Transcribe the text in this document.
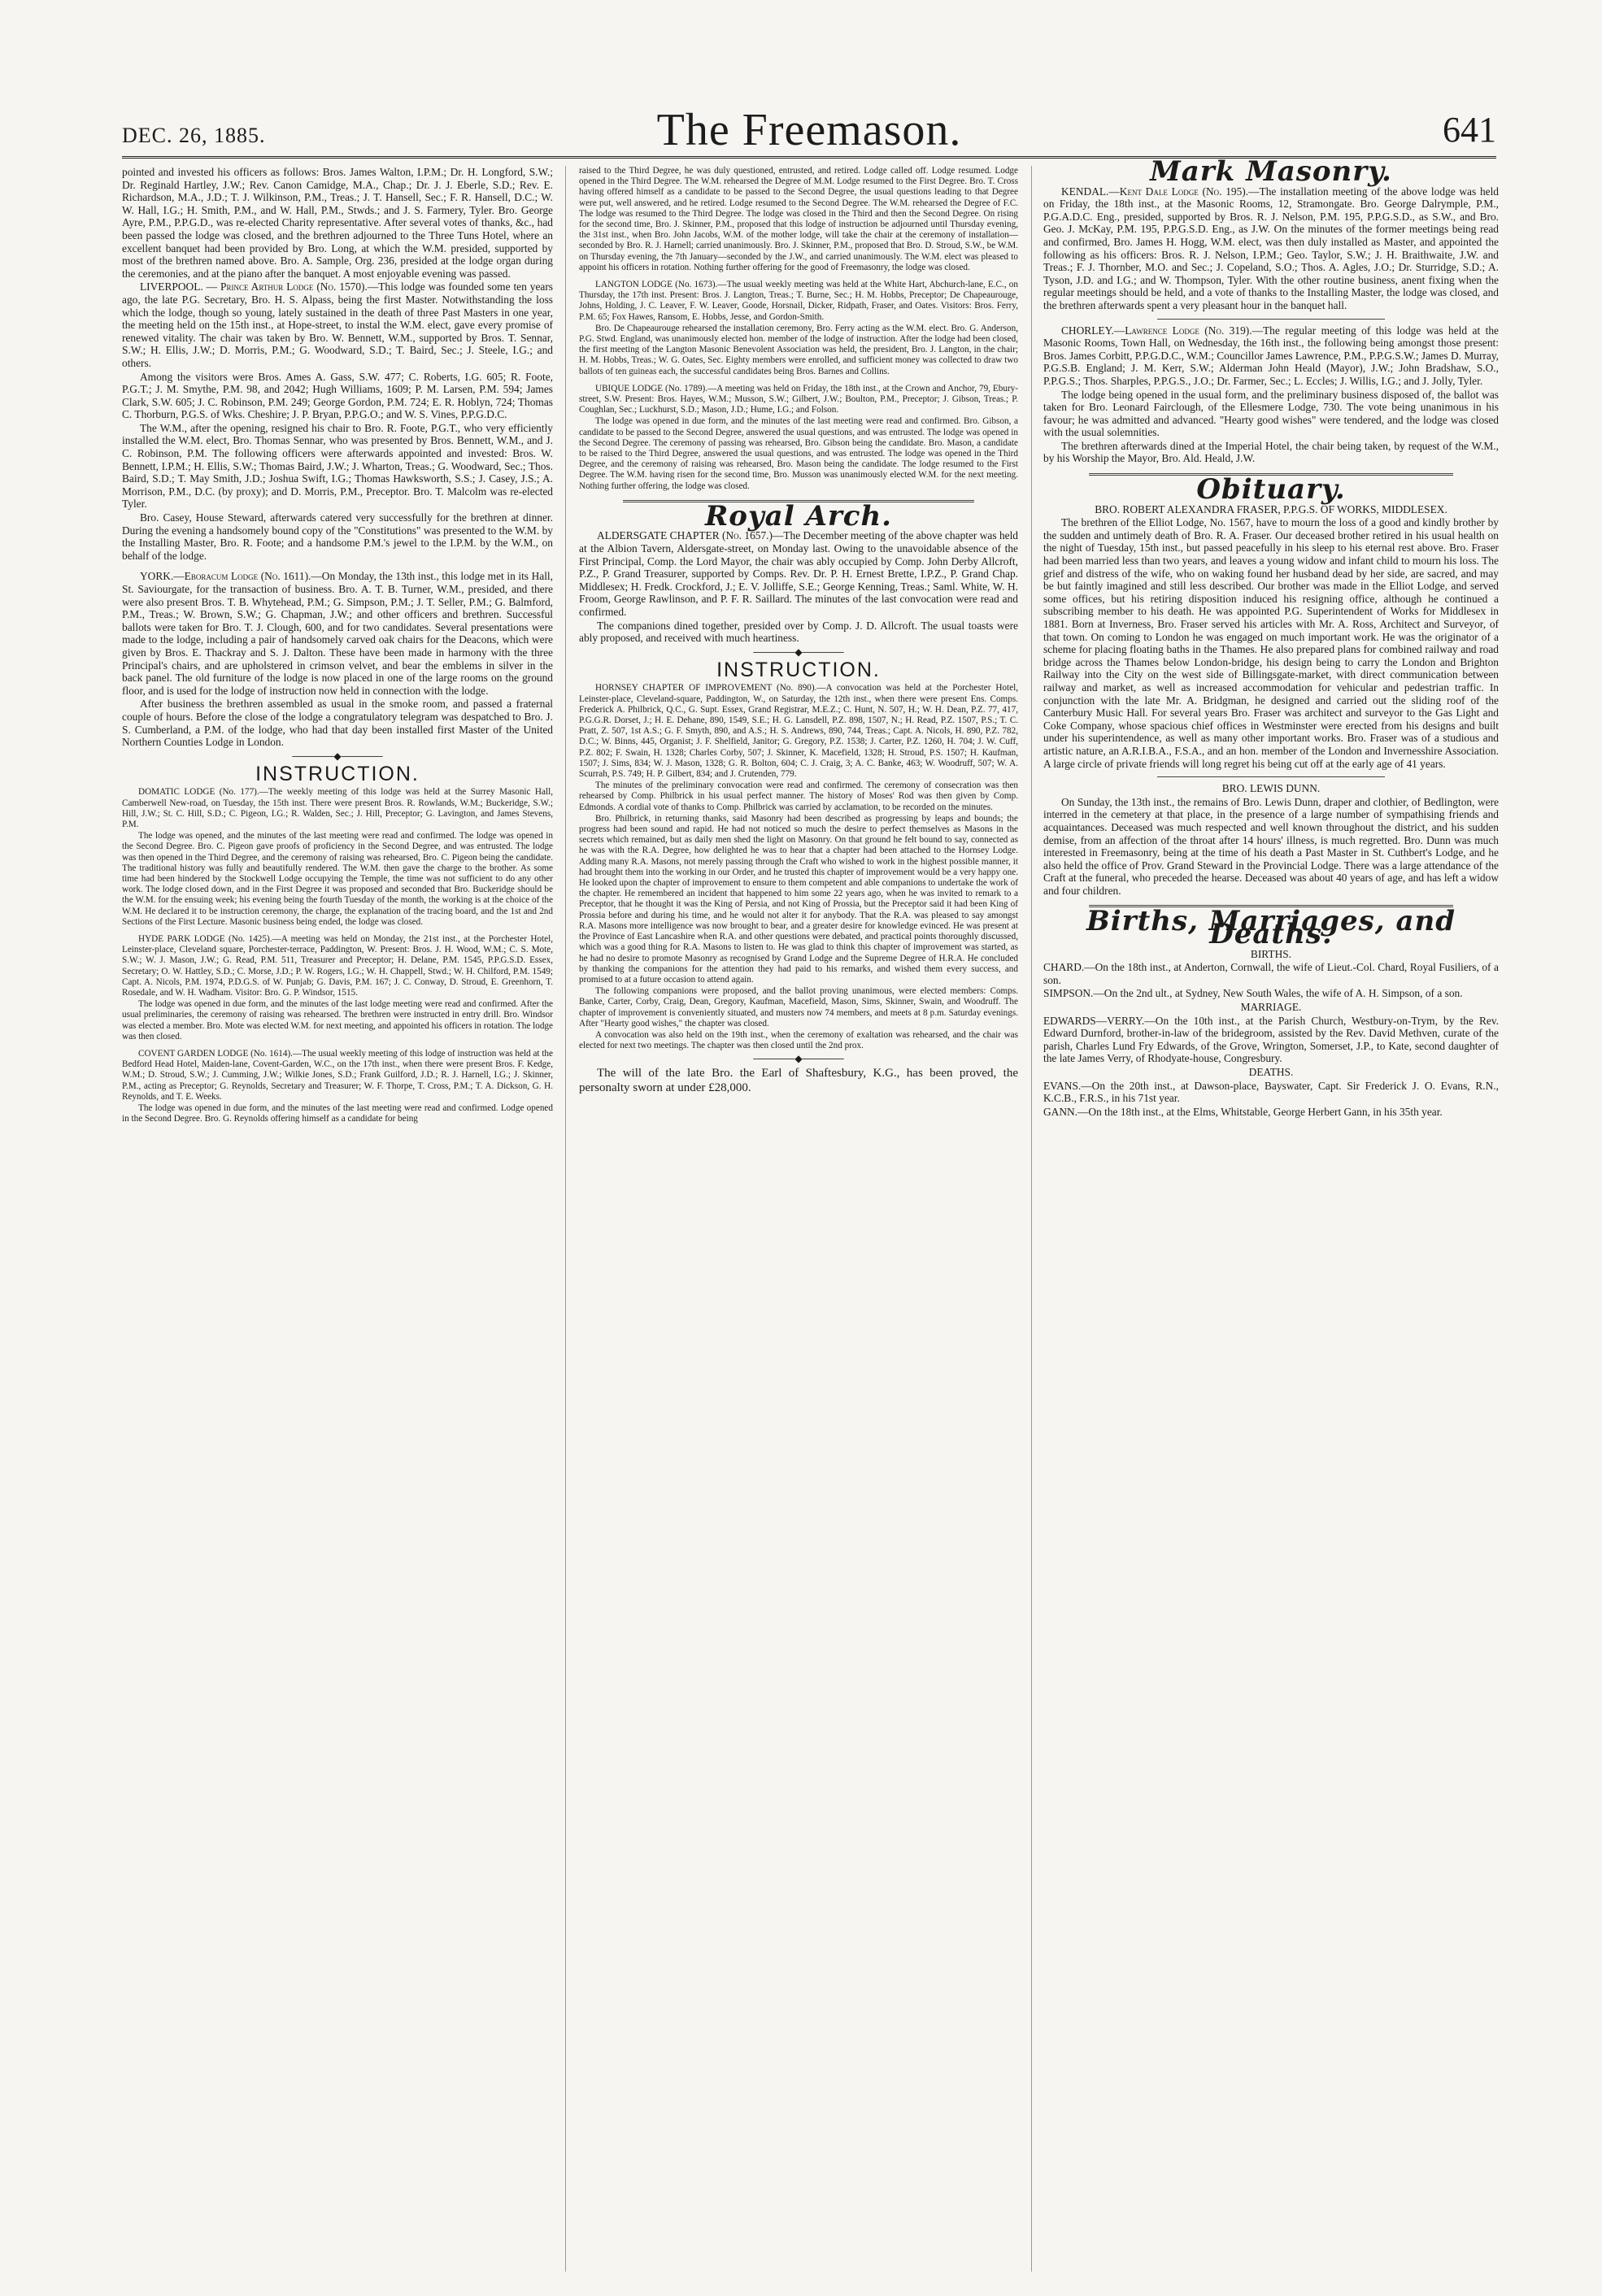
DEC. 26, 1885.	The Freemason.	641

pointed and invested his officers as follows: Bros. James Walton, I.P.M.; Dr. H. Longford, S.W.; Dr. Reginald Hartley, J.W.; Rev. Canon Camidge, M.A., Chap.; Dr. J. J. Eberle, S.D.; Rev. E. Richardson, M.A., J.D.; T. J. Wilkinson, P.M., Treas.; J. T. Hansell, Sec.; F. R. Hansell, D.C.; W. W. Hall, I.G.; H. Smith, P.M., and W. Hall, P.M., Stwds.; and J. S. Farmery, Tyler. Bro. George Ayre, P.M., P.P.G.D., was re-elected Charity representative. After several votes of thanks, &c., had been passed the lodge was closed, and the brethren adjourned to the Three Tuns Hotel, where an excellent banquet had been provided by Bro. Long, at which the W.M. presided, supported by most of the brethren named above. Bro. A. Sample, Org. 236, presided at the lodge organ during the ceremonies, and at the piano after the banquet. A most enjoyable evening was passed.

LIVERPOOL. — Prince Arthur Lodge (No. 1570).—This lodge was founded some ten years ago, the late P.G. Secretary, Bro. H. S. Alpass, being the first Master. Notwithstanding the loss which the lodge, though so young, lately sustained in the death of three Past Masters in one year, the meeting held on the 15th inst., at Hope-street, to instal the W.M. elect, gave every promise of renewed vitality. The chair was taken by Bro. W. Bennett, W.M., supported by Bros. T. Sennar, S.W.; H. Ellis, J.W.; D. Morris, P.M.; G. Woodward, S.D.; T. Baird, Sec.; J. Steele, I.G.; and others.

Among the visitors were Bros. Ames A. Gass, S.W. 477; C. Roberts, I.G. 605; R. Foote, P.G.T.; J. M. Smythe, P.M. 98, and 2042; Hugh Williams, 1609; P. M. Larsen, P.M. 594; James Clark, S.W. 605; J. C. Robinson, P.M. 249; George Gordon, P.M. 724; E. R. Hoblyn, 724; Thomas C. Thorburn, P.G.S. of Wks. Cheshire; J. P. Bryan, P.P.G.O.; and W. S. Vines, P.P.G.D.C.

The W.M., after the opening, resigned his chair to Bro. R. Foote, P.G.T., who very efficiently installed the W.M. elect, Bro. Thomas Sennar, who was presented by Bros. Bennett, W.M., and J. C. Robinson, P.M. The following officers were afterwards appointed and invested: Bros. W. Bennett, I.P.M.; H. Ellis, S.W.; Thomas Baird, J.W.; J. Wharton, Treas.; G. Woodward, Sec.; Thos. Baird, S.D.; T. May Smith, J.D.; Joshua Swift, I.G.; Thomas Hawksworth, S.S.; J. Casey, J.S.; A. Morrison, P.M., D.C. (by proxy); and D. Morris, P.M., Preceptor. Bro. T. Malcolm was re-elected Tyler.

Bro. Casey, House Steward, afterwards catered very successfully for the brethren at dinner. During the evening a handsomely bound copy of the "Constitutions" was presented to the W.M. by the Installing Master, Bro. R. Foote; and a handsome P.M.'s jewel to the I.P.M. by the W.M., on behalf of the lodge.

YORK.—Eboracum Lodge (No. 1611).—On Monday, the 13th inst., this lodge met in its Hall, St. Saviourgate, for the transaction of business. Bro. A. T. B. Turner, W.M., presided, and there were also present Bros. T. B. Whytehead, P.M.; G. Simpson, P.M.; J. T. Seller, P.M.; G. Balmford, P.M., Treas.; W. Brown, S.W.; G. Chapman, J.W.; and other officers and brethren. Successful ballots were taken for Bro. T. J. Clough, 600, and for two candidates. Several presentations were made to the lodge, including a pair of handsomely carved oak chairs for the Deacons, which were given by Bros. E. Thackray and S. J. Dalton. These have been made in harmony with the three Principal's chairs, and are upholstered in crimson velvet, and bear the emblems in silver in the back panel. The old furniture of the lodge is now placed in one of the large rooms on the ground floor, and is used for the lodge of instruction now held in connection with the lodge.

After business the brethren assembled as usual in the smoke room, and passed a fraternal couple of hours. Before the close of the lodge a congratulatory telegram was despatched to Bro. J. S. Cumberland, a P.M. of the lodge, who had that day been installed first Master of the United Northern Counties Lodge in London.

──────◆──────
INSTRUCTION.

DOMATIC LODGE (No. 177).—The weekly meeting of this lodge was held at the Surrey Masonic Hall, Camberwell New-road, on Tuesday, the 15th inst. There were present Bros. R. Rowlands, W.M.; Buckeridge, S.W.; Hill, J.W.; St. C. Hill, S.D.; C. Pigeon, I.G.; R. Walden, Sec.; J. Hill, Preceptor; G. Lavington, and James Stevens, P.M.

The lodge was opened, and the minutes of the last meeting were read and confirmed. The lodge was opened in the Second Degree. Bro. C. Pigeon gave proofs of proficiency in the Second Degree, and was entrusted. The lodge was then opened in the Third Degree, and the ceremony of raising was rehearsed, Bro. C. Pigeon being the candidate. The traditional history was fully and beautifully rendered. The W.M. then gave the charge to the brother. As some time had been hindered by the Stockwell Lodge occupying the Temple, the time was not sufficient to do any other work. The lodge closed down, and in the First Degree it was proposed and seconded that Bro. Buckeridge should be the W.M. for the ensuing week; his evening being the fourth Tuesday of the month, the working is at the choice of the W.M. He declared it to be instruction ceremony, the charge, the explanation of the tracing board, and the 1st and 2nd Sections of the First Lecture. Masonic business being ended, the lodge was closed.

HYDE PARK LODGE (No. 1425).—A meeting was held on Monday, the 21st inst., at the Porchester Hotel, Leinster-place, Cleveland square, Porchester-terrace, Paddington, W. Present: Bros. J. H. Wood, W.M.; C. S. Mote, S.W.; W. J. Mason, J.W.; G. Read, P.M. 511, Treasurer and Preceptor; H. Delane, P.M. 1545, P.P.G.S.D. Essex, Secretary; O. W. Hattley, S.D.; C. Morse, J.D.; P. W. Rogers, I.G.; W. H. Chappell, Stwd.; W. H. Chilford, P.M. 1549; Capt. A. Nicols, P.M. 1974, P.D.G.S. of W. Punjab; G. Davis, P.M. 167; J. C. Conway, D. Stroud, E. Greenhorn, T. Rosedale, and W. H. Wadham. Visitor: Bro. G. P. Windsor, 1515.

The lodge was opened in due form, and the minutes of the last lodge meeting were read and confirmed. After the usual preliminaries, the ceremony of raising was rehearsed. The brethren were instructed in entry drill. Bro. Windsor was elected a member. Bro. Mote was elected W.M. for next meeting, and appointed his officers in rotation. The lodge was then closed.

COVENT GARDEN LODGE (No. 1614).—The usual weekly meeting of this lodge of instruction was held at the Bedford Head Hotel, Maiden-lane, Covent-Garden, W.C., on the 17th inst., when there were present Bros. F. Kedge, W.M.; D. Stroud, S.W.; J. Cumming, J.W.; Wilkie Jones, S.D.; Frank Guilford, J.D.; R. J. Harnell, I.G.; J. Skinner, P.M., acting as Preceptor; G. Reynolds, Secretary and Treasurer; W. F. Thorpe, T. Cross, P.M.; T. A. Dickson, G. H. Reynolds, and T. E. Weeks.

The lodge was opened in due form, and the minutes of the last meeting were read and confirmed. Lodge opened in the Second Degree. Bro. G. Reynolds offering himself as a candidate for being

raised to the Third Degree, he was duly questioned, entrusted, and retired. Lodge called off. Lodge resumed. Lodge opened in the Third Degree. The W.M. rehearsed the Degree of M.M. Lodge resumed to the First Degree. Bro. T. Cross having offered himself as a candidate to be passed to the Second Degree, the usual questions leading to that Degree were put, well answered, and he retired. Lodge resumed to the Second Degree. The W.M. rehearsed the Degree of F.C. The lodge was resumed to the Third Degree. The lodge was closed in the Third and then the Second Degree. On rising for the second time, Bro. J. Skinner, P.M., proposed that this lodge of instruction be adjourned until Thursday evening, the 31st inst., when Bro. John Jacobs, W.M. of the mother lodge, will take the chair at the ceremony of installation—seconded by Bro. R. J. Harnell; carried unanimously. Bro. J. Skinner, P.M., proposed that Bro. D. Stroud, S.W., be W.M. on Thursday evening, the 7th January—seconded by the J.W., and carried unanimously. The W.M. elect was pleased to appoint his officers in rotation. Nothing further offering for the good of Freemasonry, the lodge was closed.

LANGTON LODGE (No. 1673).—The usual weekly meeting was held at the White Hart, Abchurch-lane, E.C., on Thursday, the 17th inst. Present: Bros. J. Langton, Treas.; T. Burne, Sec.; H. M. Hobbs, Preceptor; De Chapeaurouge, Johns, Holding, J. C. Leaver, F. W. Leaver, Goode, Horsnail, Dicker, Ridpath, Fraser, and Oates. Visitors: Bros. Ferry, P.M. 65; Fox Hawes, Ransom, E. Hobbs, Jesse, and Gordon-Smith.

Bro. De Chapeaurouge rehearsed the installation ceremony, Bro. Ferry acting as the W.M. elect. Bro. G. Anderson, P.G. Stwd. England, was unanimously elected hon. member of the lodge of instruction. After the lodge had been closed, the first meeting of the Langton Masonic Benevolent Association was held, the president, Bro. J. Langton, in the chair; H. M. Hobbs, Treas.; W. G. Oates, Sec. Eighty members were enrolled, and sufficient money was collected to draw two ballots of ten guineas each, the successful candidates being Bros. Barnes and Collins.

UBIQUE LODGE (No. 1789).—A meeting was held on Friday, the 18th inst., at the Crown and Anchor, 79, Ebury-street, S.W. Present: Bros. Hayes, W.M.; Musson, S.W.; Gilbert, J.W.; Boulton, P.M., Preceptor; J. Gibson, Treas.; P. Coughlan, Sec.; Luckhurst, S.D.; Mason, J.D.; Hume, I.G.; and Folson.

The lodge was opened in due form, and the minutes of the last meeting were read and confirmed. Bro. Gibson, a candidate to be passed to the Second Degree, answered the usual questions, and was entrusted. The lodge was opened in the Second Degree. The ceremony of passing was rehearsed, Bro. Gibson being the candidate. Bro. Mason, a candidate to be raised to the Third Degree, answered the usual questions, and was entrusted. The lodge was opened in the Third Degree, and the ceremony of raising was rehearsed, Bro. Mason being the candidate. The lodge resumed to the First Degree. The W.M. having risen for the second time, Bro. Musson was unanimously elected W.M. for the next meeting. Nothing further offering, the lodge was closed.

Royal Arch.

ALDERSGATE CHAPTER (No. 1657.)—The December meeting of the above chapter was held at the Albion Tavern, Aldersgate-street, on Monday last. Owing to the unavoidable absence of the First Principal, Comp. the Lord Mayor, the chair was ably occupied by Comp. John Derby Allcroft, P.Z., P. Grand Treasurer, supported by Comps. Rev. Dr. P. H. Ernest Brette, I.P.Z., P. Grand Chap. Middlesex; H. Fredk. Crockford, J.; E. V. Jolliffe, S.E.; George Kenning, Treas.; Saml. White, W. H. Froom, George Rawlinson, and P. F. R. Saillard. The minutes of the last convocation were read and confirmed.

The companions dined together, presided over by Comp. J. D. Allcroft. The usual toasts were ably proposed, and received with much heartiness.

──────◆──────
INSTRUCTION.

HORNSEY CHAPTER OF IMPROVEMENT (No. 890).—A convocation was held at the Porchester Hotel, Leinster-place, Cleveland-square, Paddington, W., on Saturday, the 12th inst., when there were present Ens. Comps. Frederick A. Philbrick, Q.C., G. Supt. Essex, Grand Registrar, M.E.Z.; C. Hunt, N. 507, H.; W. H. Dean, P.Z. 77, 417, P.G.G.R. Dorset, J.; H. E. Dehane, 890, 1549, S.E.; H. G. Lansdell, P.Z. 898, 1507, N.; H. Read, P.Z. 1507, P.S.; T. C. Pratt, Z. 507, 1st A.S.; G. F. Smyth, 890, and A.S.; H. S. Andrews, 890, 744, Treas.; Capt. A. Nicols, H. 890, P.Z. 782, D.C.; W. Binns, 445, Organist; J. F. Shelfield, Janitor; G. Gregory, P.Z. 1538; J. Carter, P.Z. 1260, H. 704; J. W. Cuff, P.Z. 802; F. Swain, H. 1328; Charles Corby, 507; J. Skinner, K. Macefield, 1328; H. Stroud, P.S. 1507; H. Kaufman, 1507; J. Sims, 834; W. J. Mason, 1328; G. R. Bolton, 604; C. J. Craig, 3; A. C. Banke, 463; W. Woodruff, 507; W. A. Scurrah, P.S. 749; H. P. Gilbert, 834; and J. Crutenden, 779.

The minutes of the preliminary convocation were read and confirmed. The ceremony of consecration was then rehearsed by Comp. Philbrick in his usual perfect manner. The history of Moses' Rod was then given by Comp. Edmonds. A cordial vote of thanks to Comp. Philbrick was carried by acclamation, to be recorded on the minutes.

Bro. Philbrick, in returning thanks, said Masonry had been described as progressing by leaps and bounds; the progress had been sound and rapid. He had not noticed so much the desire to perfect themselves as Masons in the secrets which remained, but as daily men shed the light on Masonry. On that ground he felt bound to say, connected as he was with the R.A. Degree, how delighted he was to hear that a chapter had been attached to the Hornsey Lodge. Adding many R.A. Masons, not merely passing through the Craft who wished to work in the highest possible manner, it had brought them into the working in our Order, and he trusted this chapter of improvement would be a very happy one. He looked upon the chapter of improvement to ensure to them competent and able companions to undertake the work of the chapter. He remembered an incident that happened to him some 22 years ago, when he was invited to remark to a Preceptor, that he thought it was the King of Persia, and not King of Prossia, but the Preceptor said it had been King of Prossia before and during his time, and he would not alter it for anybody. That the R.A. was pleased to say amongst R.A. Masons more intelligence was now brought to bear, and a greater desire for knowledge evinced. He was present at the Province of East Lancashire when R.A. and other questions were debated, and practical points thoroughly discussed, which was a good thing for R.A. Masons to listen to. He was glad to think this chapter of improvement was started, as he had no desire to promote Masonry as recognised by Grand Lodge and the Supreme Degree of H.R.A. He concluded by thanking the companions for the attention they had paid to his remarks, and wished them every success, and promised to at a future occasion to attend again.

The following companions were proposed, and the ballot proving unanimous, were elected members: Comps. Banke, Carter, Corby, Craig, Dean, Gregory, Kaufman, Macefield, Mason, Sims, Skinner, Swain, and Woodruff. The chapter of improvement is conveniently situated, and musters now 74 members, and meets at 8 p.m. Saturday evenings. After "Hearty good wishes," the chapter was closed.

A convocation was also held on the 19th inst., when the ceremony of exaltation was rehearsed, and the chair was elected for next two meetings. The chapter was then closed until the 2nd prox.

──────◆──────

The will of the late Bro. the Earl of Shaftesbury, K.G., has been proved, the personalty sworn at under £28,000.

Mark Masonry.

KENDAL.—Kent Dale Lodge (No. 195).—The installation meeting of the above lodge was held on Friday, the 18th inst., at the Masonic Rooms, 12, Stramongate. Bro. George Dalrymple, P.M., P.G.A.D.C. Eng., presided, supported by Bros. R. J. Nelson, P.M. 195, P.P.G.S.D., as S.W., and Bro. Geo. J. McKay, P.M. 195, P.P.G.S.D. Eng., as J.W. On the minutes of the former meetings being read and confirmed, Bro. James H. Hogg, W.M. elect, was then duly installed as Master, and appointed the following as his officers: Bros. R. J. Nelson, I.P.M.; Geo. Taylor, S.W.; J. H. Braithwaite, J.W. and Treas.; F. J. Thornber, M.O. and Sec.; J. Copeland, S.O.; Thos. A. Agles, J.O.; Dr. Sturridge, S.D.; A. Tyson, J.D. and I.G.; and W. Thompson, Tyler. With the other routine business, anent fixing when the regular meetings should be held, and a vote of thanks to the Installing Master, the lodge was closed, and the brethren afterwards spent a very pleasant hour in the banquet hall.

CHORLEY.—Lawrence Lodge (No. 319).—The regular meeting of this lodge was held at the Masonic Rooms, Town Hall, on Wednesday, the 16th inst., the following being amongst those present: Bros. James Corbitt, P.P.G.D.C., W.M.; Councillor James Lawrence, P.M., P.P.G.S.W.; James D. Murray, P.G.S.B. England; J. M. Kerr, S.W.; Alderman John Heald (Mayor), J.W.; John Bradshaw, S.O., P.P.G.S.; Thos. Sharples, P.P.G.S., J.O.; Dr. Farmer, Sec.; L. Eccles; J. Willis, I.G.; and J. Jolly, Tyler.

The lodge being opened in the usual form, and the preliminary business disposed of, the ballot was taken for Bro. Leonard Fairclough, of the Ellesmere Lodge, 730. The vote being unanimous in his favour; he was admitted and advanced. "Hearty good wishes" were tendered, and the lodge was closed with the usual solemnities.

The brethren afterwards dined at the Imperial Hotel, the chair being taken, by request of the W.M., by his Worship the Mayor, Bro. Ald. Heald, J.W.

Obituary.

BRO. ROBERT ALEXANDRA FRASER, P.P.G.S. OF WORKS, MIDDLESEX.

The brethren of the Elliot Lodge, No. 1567, have to mourn the loss of a good and kindly brother by the sudden and untimely death of Bro. R. A. Fraser. Our deceased brother retired in his usual health on the night of Tuesday, 15th inst., but passed peacefully in his sleep to his eternal rest above. Bro. Fraser had been married less than two years, and leaves a young widow and infant child to mourn his loss. The grief and distress of the wife, who on waking found her husband dead by her side, are sacred, and may be but faintly imagined and still less described. Our brother was made in the Elliot Lodge, and served some offices, but his retiring disposition induced his resigning office, although he continued a subscribing member to his death. He was appointed P.G. Superintendent of Works for Middlesex in 1881. Born at Inverness, Bro. Fraser served his articles with Mr. A. Ross, Architect and Surveyor, of that town. On coming to London he was engaged on much important work. He was the originator of a scheme for placing floating baths in the Thames. He also prepared plans for combined railway and road bridge across the Thames below London-bridge, his design being to carry the London and Brighton Railway into the City on the west side of Billingsgate-market, with direct communication between railway and market, as well as increased accommodation for vehicular and pedestrian traffic. In conjunction with the late Mr. A. Bridgman, he designed and carried out the sliding roof of the Canterbury Music Hall. For several years Bro. Fraser was architect and surveyor to the Gas Light and Coke Company, whose spacious chief offices in Westminster were erected from his designs and built under his superintendence, as well as many other important works. Bro. Fraser was of a studious and artistic nature, an A.R.I.B.A., F.S.A., and an hon. member of the London and Invernesshire Association. A large circle of private friends will long regret his being cut off at the early age of 41 years.

BRO. LEWIS DUNN.

On Sunday, the 13th inst., the remains of Bro. Lewis Dunn, draper and clothier, of Bedlington, were interred in the cemetery at that place, in the presence of a large number of sympathising friends and acquaintances. Deceased was much respected and well known throughout the district, and his sudden demise, from an affection of the throat after 14 hours' illness, is much regretted. Bro. Dunn was much interested in Freemasonry, being at the time of his death a Past Master in St. Cuthbert's Lodge, and he also held the office of Prov. Grand Steward in the Provincial Lodge. There was a large attendance of the Craft at the funeral, who preceded the hearse. Deceased was about 40 years of age, and has left a widow and four children.

Births, Marriages, and Deaths.

BIRTHS.

CHARD.—On the 18th inst., at Anderton, Cornwall, the wife of Lieut.-Col. Chard, Royal Fusiliers, of a son.

SIMPSON.—On the 2nd ult., at Sydney, New South Wales, the wife of A. H. Simpson, of a son.

MARRIAGE.

EDWARDS—VERRY.—On the 10th inst., at the Parish Church, Westbury-on-Trym, by the Rev. Edward Durnford, brother-in-law of the bridegroom, assisted by the Rev. David Methven, curate of the parish, Charles Lund Fry Edwards, of the Grove, Wrington, Somerset, J.P., to Kate, second daughter of the late James Verry, of Rhodyate-house, Congresbury.

DEATHS.

EVANS.—On the 20th inst., at Dawson-place, Bayswater, Capt. Sir Frederick J. O. Evans, R.N., K.C.B., F.R.S., in his 71st year.

GANN.—On the 18th inst., at the Elms, Whitstable, George Herbert Gann, in his 35th year.
